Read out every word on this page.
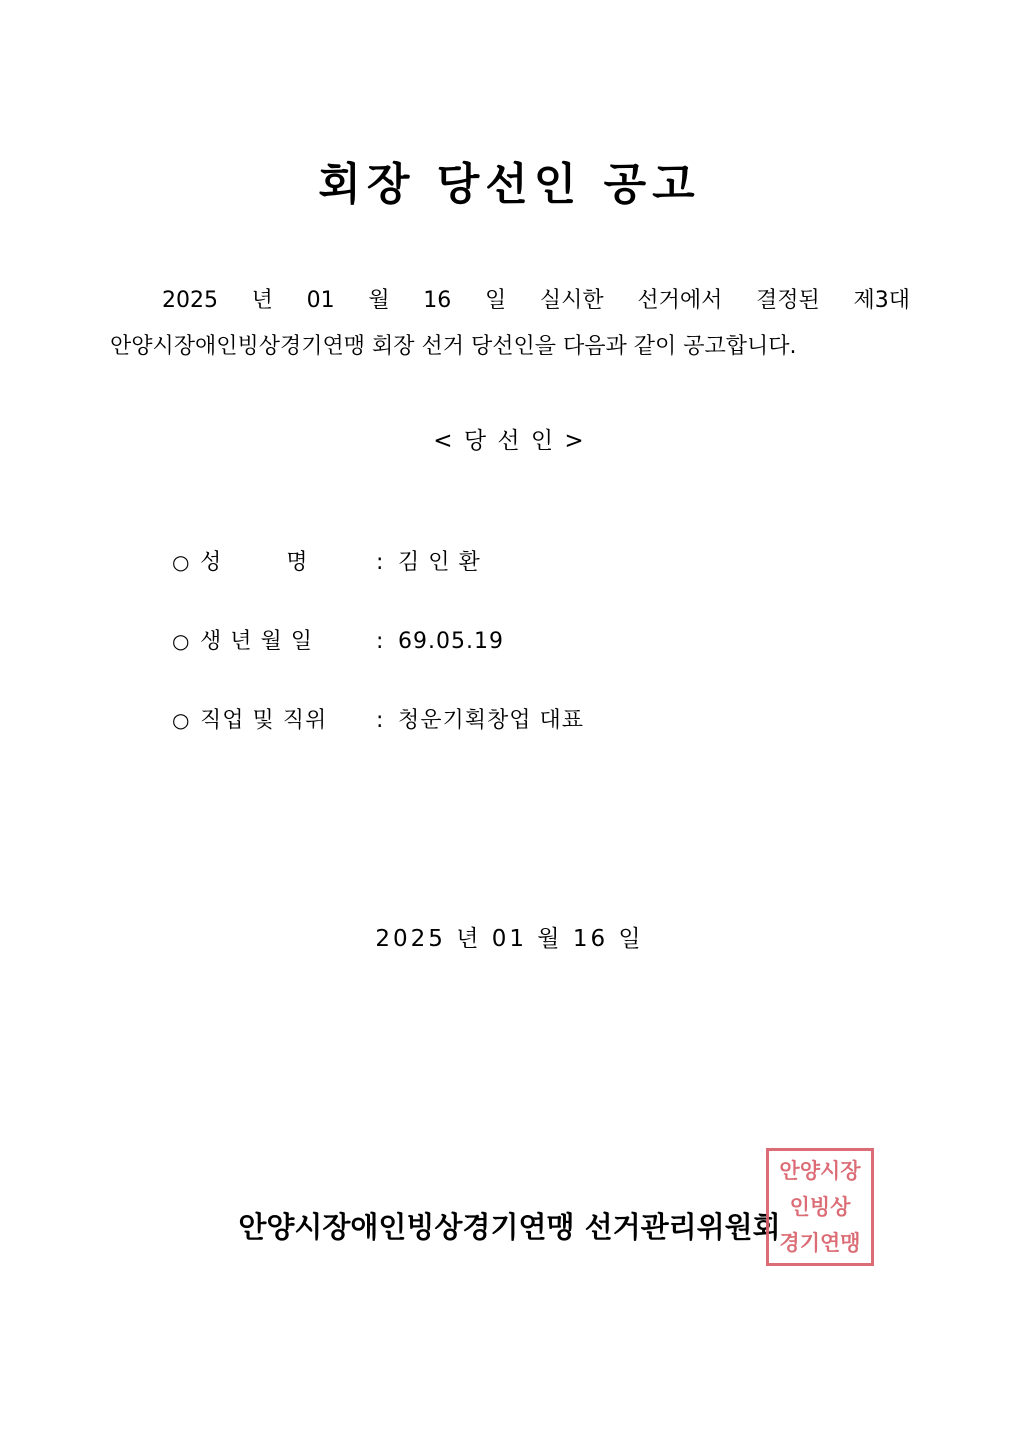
회장 당선인 공고
2025 년 01 월 16 일 실시한 선거에서 결정된 제3대 안양시장애인빙상경기연맹 회장 선거 당선인을 다음과 같이 공고합니다.
< 당 선 인 >
○ 성        명	: 김 인 환
○ 생 년 월 일	: 69.05.19
○ 직업 및 직위	: 청운기획창업 대표
2025 년 01 월 16 일
안양시장애인빙상경기연맹 선거관리위원회
안양시장
인빙상
경기연맹
